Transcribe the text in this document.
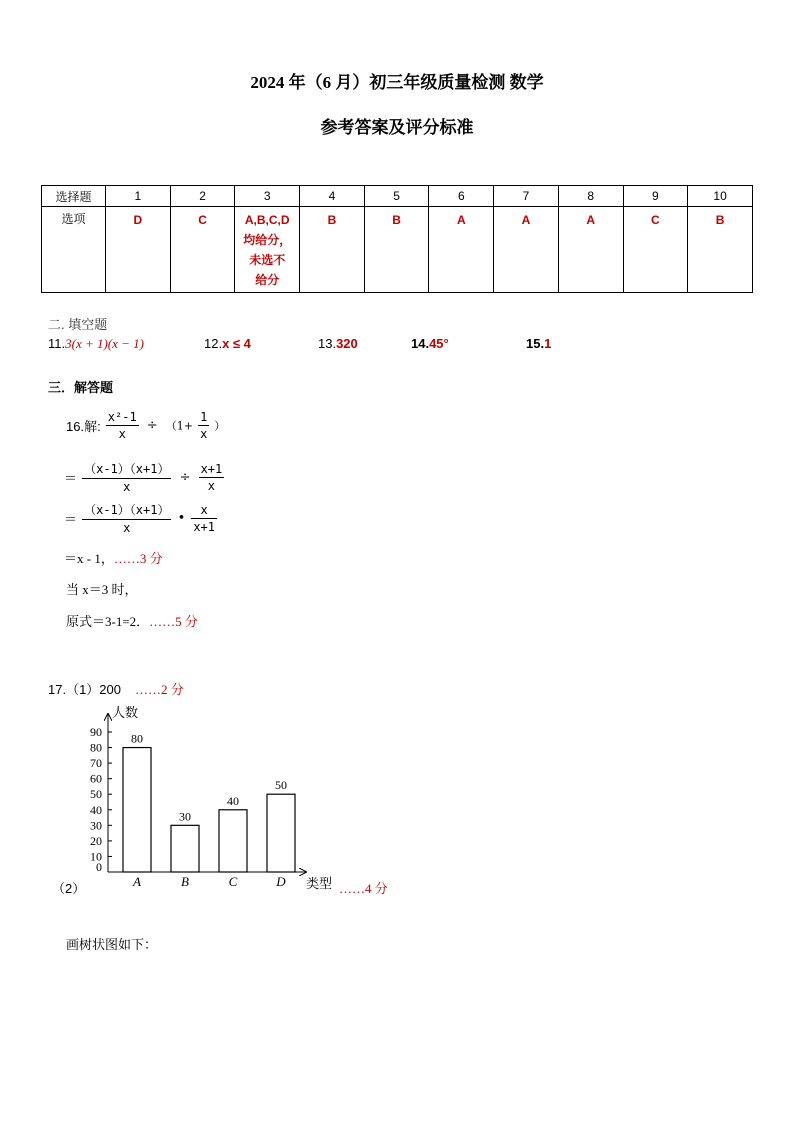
2024 年（6 月）初三年级质量检测 数学
参考答案及评分标准
选择题	1	2	3	4	5	6	7	8	9	10
选项	D	C	A,B,C,D
均给分，
未选不
给分	B	B	A	A	A	C	B
二. 填空题
11.3(x + 1)(x − 1)	12.x ≤ 4	13.320	14.45°	15.1
三．解答题
16.解: $\frac{\text{x²-1}}{x} \div (1+ \frac{1}{x}$ ）
＝ $\frac{(x-1)(x+1)}{x} \div \frac{x+1}{x}$
＝ $\frac{(x-1)(x+1)}{x}$ • $\frac{x}{x+1}$
＝x - 1，……3 分
当 x＝3 时，
原式＝3-1=2．……5 分
17.（1）200 ……2 分
人数
类型
0
10
20
30
40
50
60
70
80
90 80
A
30
B
40
C
50
D
（2）	……4 分
画树状图如下：
